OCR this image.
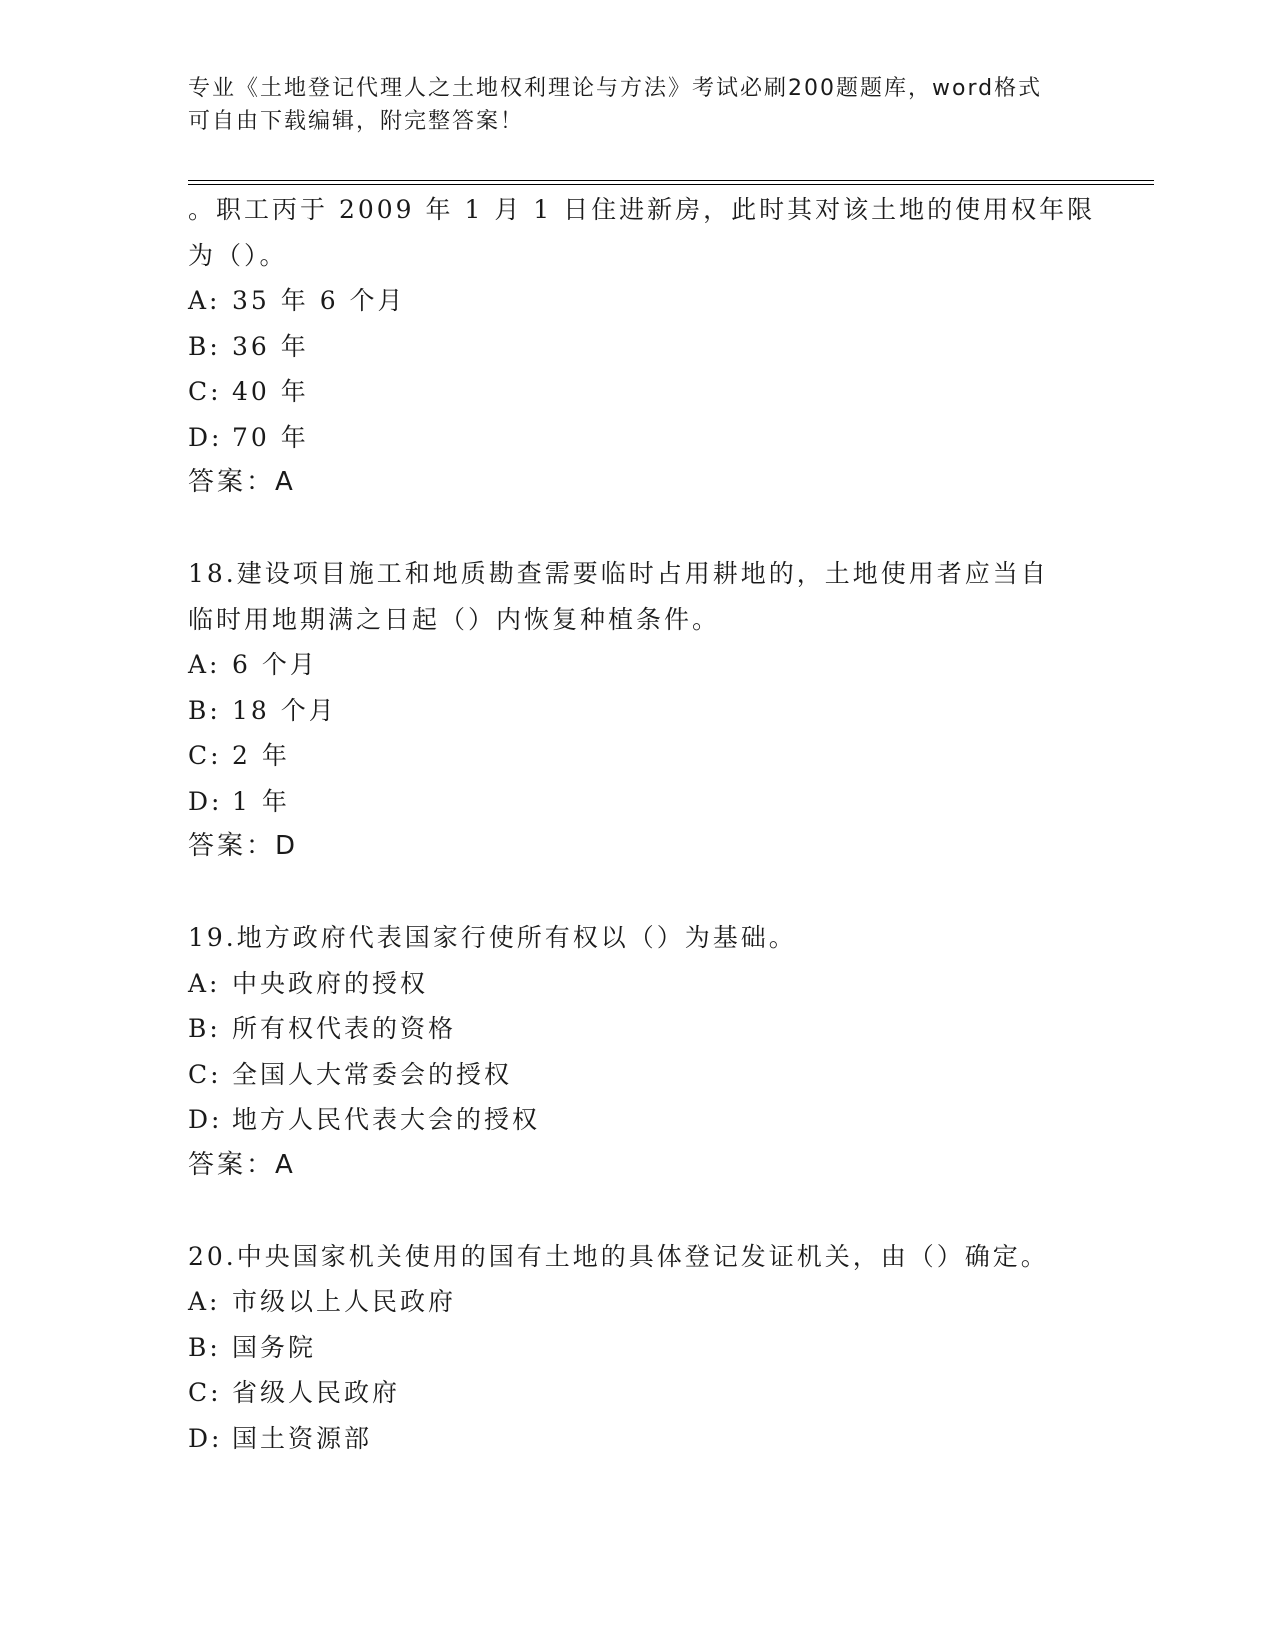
专业《土地登记代理人之土地权利理论与方法》考试必刷200题题库，word格式
可自由下载编辑，附完整答案！
。职工丙于 2009 年 1 月 1 日住进新房，此时其对该土地的使用权年限
为（）。
A: 35 年 6 个月
B: 36 年
C: 40 年
D: 70 年
答案：A
18.建设项目施工和地质勘查需要临时占用耕地的，土地使用者应当自
临时用地期满之日起（）内恢复种植条件。
A: 6 个月
B: 18 个月
C: 2 年
D: 1 年
答案：D
19.地方政府代表国家行使所有权以（）为基础。
A: 中央政府的授权
B: 所有权代表的资格
C: 全国人大常委会的授权
D: 地方人民代表大会的授权
答案：A
20.中央国家机关使用的国有土地的具体登记发证机关，由（）确定。
A: 市级以上人民政府
B: 国务院
C: 省级人民政府
D: 国土资源部
